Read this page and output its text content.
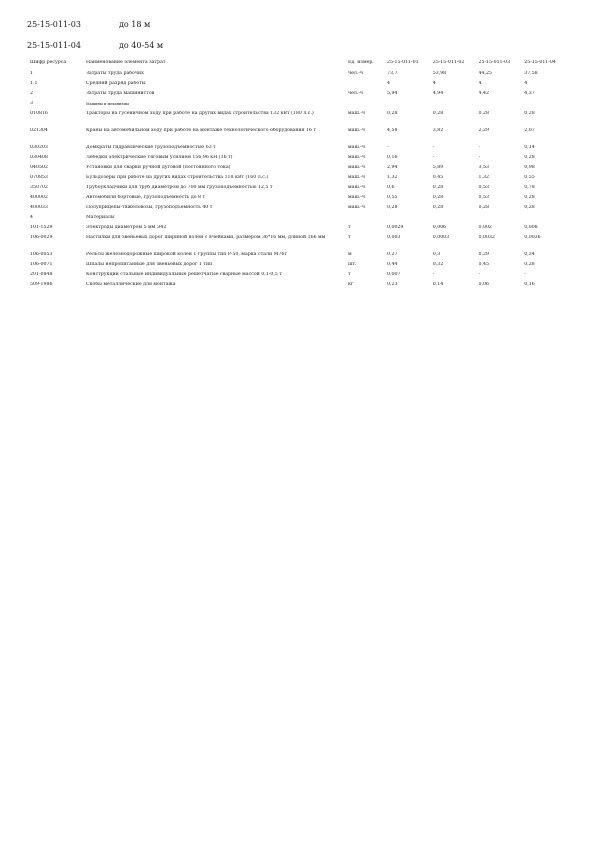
25-15-011-03	до 18 м
25-15-011-04	до 40-54 м
Шифр ресурса	Наименование элемента затрат	Ед. измер.	25-15-011-01	25-15-011-02	25-15-011-03	25-15-011-04
1	Затраты труда рабочих	чел.-ч	73,7	53,98	44,25	37,58
1.1	Средний разряд работы		4	4	4	4
2	Затраты труда машинистов	чел.-ч	5,94	4,94	4,42	4,37
3	Машины и механизмы					
010816	Тракторы на гусеничном ходу при работе на других видах строительства 132 кВт (180 л.с.)	маш.-ч	0,28	0,28	0,28	0,28
021304	Краны на автомобильном ходу при работе на монтаже технологического оборудования 16 т	маш.-ч	4,58	3,82	2,29	2,07
030203	Домкраты гидравлические грузоподъемностью 63 т	маш.-ч	-	-	-	0,14
030408	Лебедки электрические тяговым усилием 156,96 кН (16 т)	маш.-ч	0,16	-	-	0,28
040502	Установки для сварки ручной дуговой (постоянного тока)	маш.-ч	2,94	5,89	3,53	0,98
070853	Бульдозеры при работе на других видах строительства 118 кВт (160 л.с.)	маш.-ч	1,32	0,45	1,32	0,55
350702	Трубоукладчики для труб диаметром до 700 мм грузоподъемностью 12,5 т	маш.-ч	0,6	0,28	0,53	0,78
400002	Автомобили бортовые, грузоподъемность до 8 т	маш.-ч	0,55	0,28	0,53	0,28
400033	Полуприцепы-тяжеловозы, грузоподъемность 40 т	маш.-ч	0,28	0,28	0,28	0,28
4	Материалы					
101-1529	Электроды диаметром 5 мм Э42	т	0,0029	0,006	0,002	0,008
106-0029	Настилки для звеньевых дорог шириной колеи с ячейками, размером 36*16 мм, длиной 166 мм	т	0,003	0,0003	0,0032	0,0036
106-0053	Рельсы железнодорожные широкой колеи 1 группы тип P-50, марка стали М76т	м	0,27	0,3	0,29	0,34
106-0071	Шпалы непропитанные для звеньевых дорог 1 тип	шт.	0,44	0,32	0,45	0,28
201-0848	Конструкции стальные индивидуальные решетчатые сварные массой 0,1-0,5 т	т	0,007	-	-	-
509-1986	Скобы металлические для монтажа	кг	0,23	0,14	0,06	0,16
